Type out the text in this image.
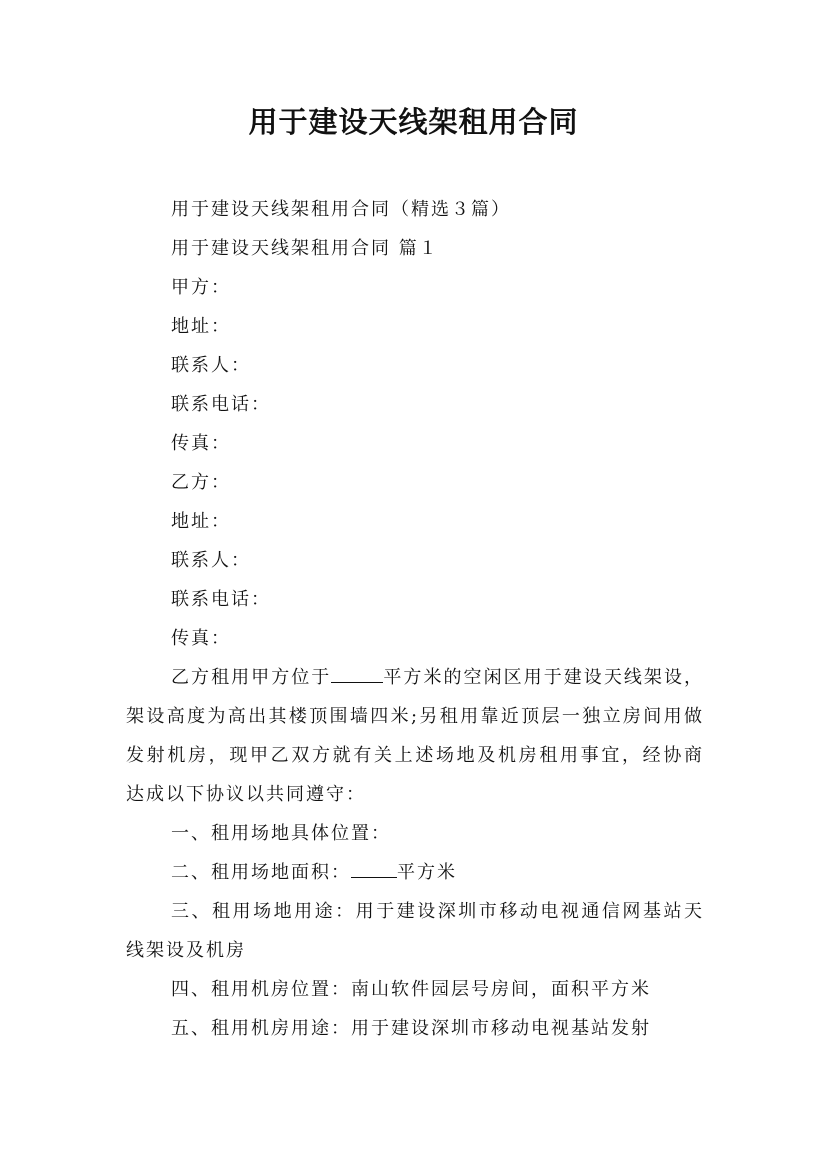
用于建设天线架租用合同

用于建设天线架租用合同（精选３篇）

用于建设天线架租用合同 篇１

甲方：

地址：

联系人：

联系电话：

传真：

乙方：

地址：

联系人：

联系电话：

传真：

乙方租用甲方位于	平方米的空闲区用于建设天线架设，架设高度为高出其楼顶围墙四米;另租用靠近顶层一独立房间用做发射机房，现甲乙双方就有关上述场地及机房租用事宜，经协商达成以下协议以共同遵守：

一、租用场地具体位置：

二、租用场地面积：	平方米

三、租用场地用途：用于建设深圳市移动电视通信网基站天线架设及机房

四、租用机房位置：南山软件园层号房间，面积平方米

五、租用机房用途：用于建设深圳市移动电视基站发射
